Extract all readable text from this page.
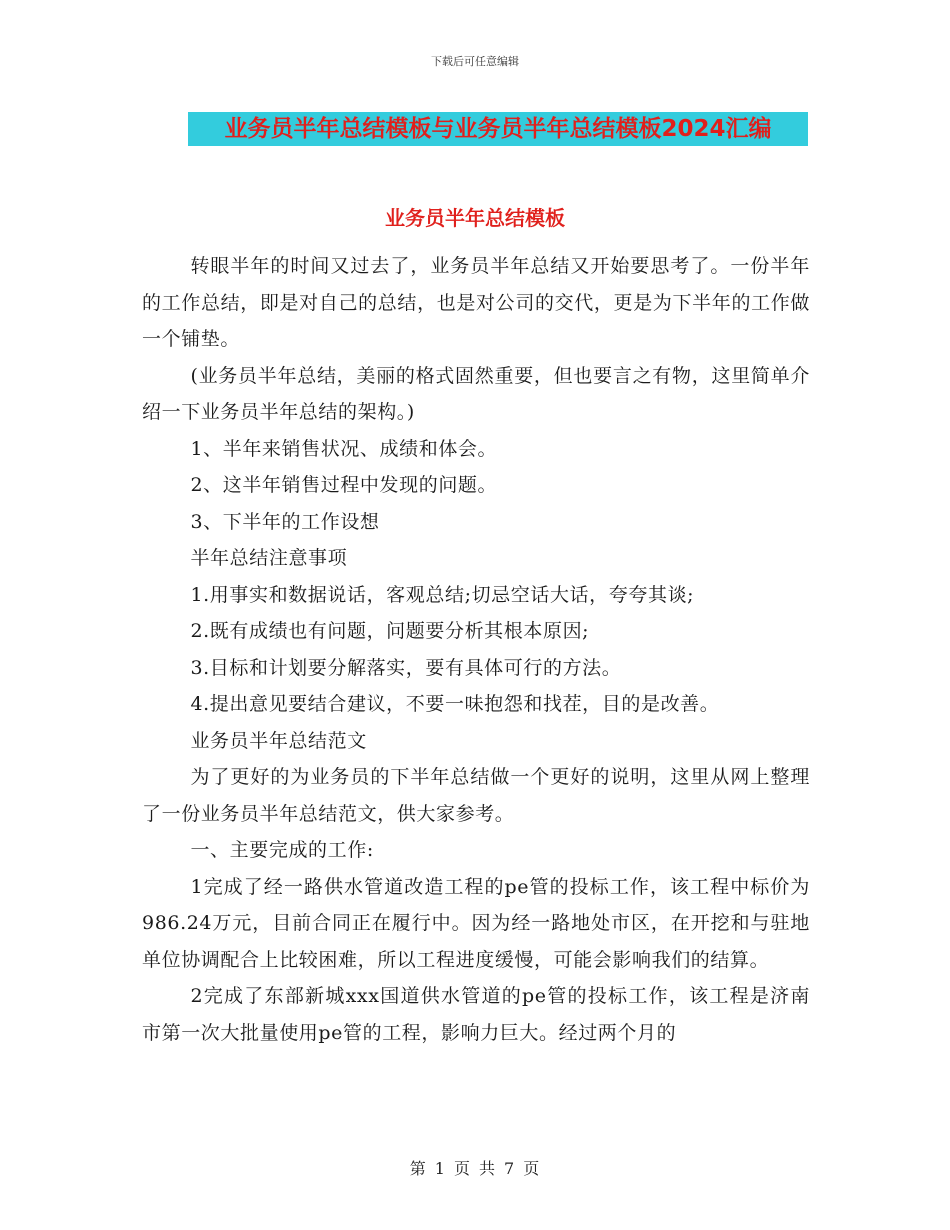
下载后可任意编辑
业务员半年总结模板与业务员半年总结模板2024汇编
业务员半年总结模板

转眼半年的时间又过去了，业务员半年总结又开始要思考了。一份半年的工作总结，即是对自己的总结，也是对公司的交代，更是为下半年的工作做一个铺垫。

(业务员半年总结，美丽的格式固然重要，但也要言之有物，这里简单介绍一下业务员半年总结的架构。)

1、半年来销售状况、成绩和体会。

2、这半年销售过程中发现的问题。

3、下半年的工作设想

半年总结注意事项

1.用事实和数据说话，客观总结;切忌空话大话，夸夸其谈;

2.既有成绩也有问题，问题要分析其根本原因;

3.目标和计划要分解落实，要有具体可行的方法。

4.提出意见要结合建议，不要一味抱怨和找茬，目的是改善。

业务员半年总结范文

为了更好的为业务员的下半年总结做一个更好的说明，这里从网上整理了一份业务员半年总结范文，供大家参考。

一、主要完成的工作:

1完成了经一路供水管道改造工程的pe管的投标工作，该工程中标价为986.24万元，目前合同正在履行中。因为经一路地处市区，在开挖和与驻地单位协调配合上比较困难，所以工程进度缓慢，可能会影响我们的结算。

2完成了东部新城xxx国道供水管道的pe管的投标工作，该工程是济南市第一次大批量使用pe管的工程，影响力巨大。经过两个月的

第 1 页 共 7 页
